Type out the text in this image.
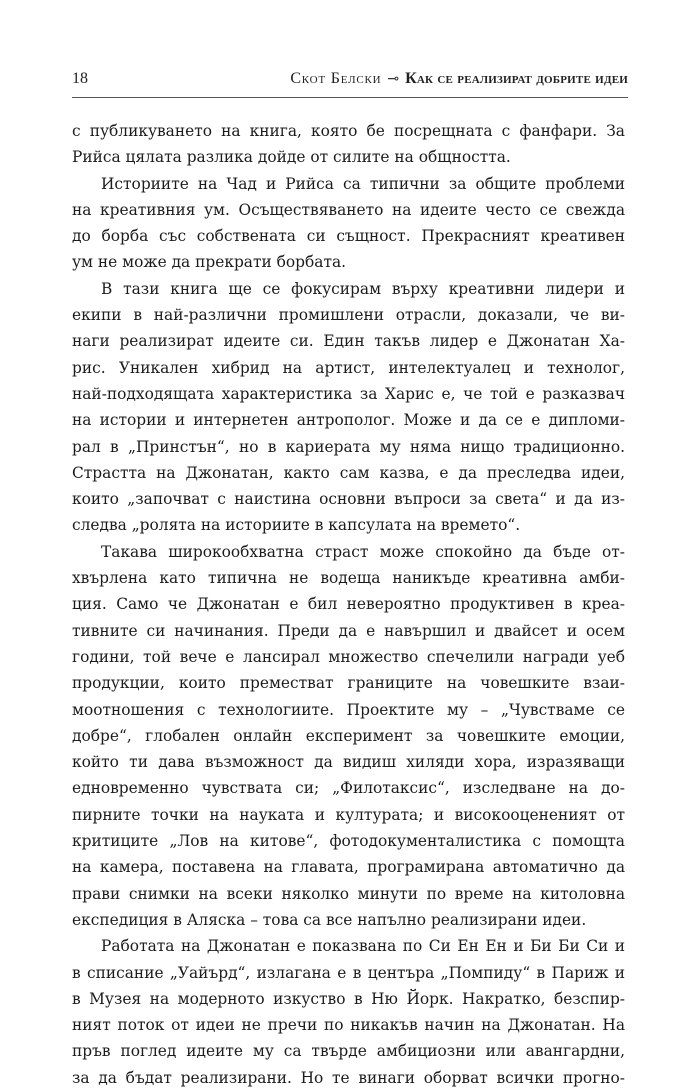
18	Скот Белски ⊸ Как се реализират добрите идеи
с публикуването на книга, която бе посрещната с фанфари. За
Рийса цялата разлика дойде от силите на общността.
Историите на Чад и Рийса са типични за общите проблеми
на креативния ум. Осъществяването на идеите често се свежда
до борба със собствената си същност. Прекрасният креативен
ум не може да прекрати борбата.
В тази книга ще се фокусирам върху креативни лидери и
екипи в най-различни промишлени отрасли, доказали, че ви-
наги реализират идеите си. Един такъв лидер е Джонатан Ха-
рис. Уникален хибрид на артист, интелектуалец и технолог,
най-подходящата характеристика за Харис е, че той е разказвач
на истории и интернетен антрополог. Може и да се е дипломи-
рал в „Принстън“, но в кариерата му няма нищо традиционно.
Страстта на Джонатан, както сам казва, е да преследва идеи,
които „започват с наистина основни въпроси за света“ и да из-
следва „ролята на историите в капсулата на времето“.
Такава широкообхватна страст може спокойно да бъде от-
хвърлена като типична не водеща наникъде креативна амби-
ция. Само че Джонатан е бил невероятно продуктивен в креа-
тивните си начинания. Преди да е навършил и двайсет и осем
години, той вече е лансирал множество спечелили награди уеб
продукции, които преместват границите на човешките взаи-
моотношения с технологиите. Проектите му – „Чувстваме се
добре“, глобален онлайн експеримент за човешките емоции,
който ти дава възможност да видиш хиляди хора, изразяващи
едновременно чувствата си; „Филотаксис“, изследване на до-
пирните точки на науката и културата; и високооцененият от
критиците „Лов на китове“, фотодокументалистика с помощта
на камера, поставена на главата, програмирана автоматично да
прави снимки на всеки няколко минути по време на китоловна
експедиция в Аляска – това са все напълно реализирани идеи.
Работата на Джонатан е показвана по Си Ен Ен и Би Би Си и
в списание „Уайърд“, излагана е в центъра „Помпиду“ в Париж и
в Музея на модерното изкуство в Ню Йорк. Накратко, безспир-
ният поток от идеи не пречи по никакъв начин на Джонатан. На
пръв поглед идеите му са твърде амбициозни или авангардни,
за да бъдат реализирани. Но те винаги оборват всички прогно-
